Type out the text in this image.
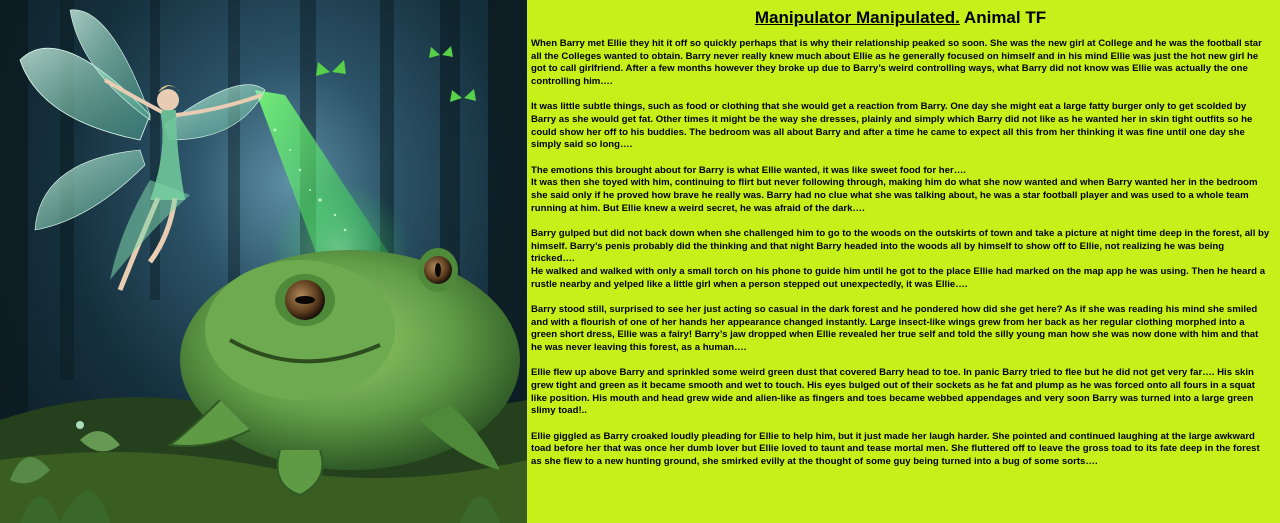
Manipulator Manipulated. Animal TF

When Barry met Ellie they hit it off so quickly perhaps that is why their relationship peaked so soon. She was the new girl at College and he was the football star all the Colleges wanted to obtain. Barry never really knew much about Ellie as he generally focused on himself and in his mind Ellie was just the hot new girl he got to call girlfriend. After a few months however they broke up due to Barry’s weird controlling ways, what Barry did not know was Ellie was actually the one controlling him….

It was little subtle things, such as food or clothing that she would get a reaction from Barry. One day she might eat a large fatty burger only to get scolded by Barry as she would get fat. Other times it might be the way she dresses, plainly and simply which Barry did not like as he wanted her in skin tight outfits so he could show her off to his buddies. The bedroom was all about Barry and after a time he came to expect all this from her thinking it was fine until one day she simply said so long….

The emotions this brought about for Barry is what Ellie wanted, it was like sweet food for her….

It was then she toyed with him, continuing to flirt but never following through, making him do what she now wanted and when Barry wanted her in the bedroom she said only if he proved how brave he really was. Barry had no clue what she was talking about, he was a star football player and was used to a whole team running at him. But Ellie knew a weird secret, he was afraid of the dark….

Barry gulped but did not back down when she challenged him to go to the woods on the outskirts of town and take a picture at night time deep in the forest, all by himself. Barry’s penis probably did the thinking and that night Barry headed into the woods all by himself to show off to Ellie, not realizing he was being tricked….

He walked and walked with only a small torch on his phone to guide him until he got to the place Ellie had marked on the map app he was using. Then he heard a rustle nearby and yelped like a little girl when a person stepped out unexpectedly, it was Ellie….

Barry stood still, surprised to see her just acting so casual in the dark forest and he pondered how did she get here? As if she was reading his mind she smiled and with a flourish of one of her hands her appearance changed instantly. Large insect-like wings grew from her back as her regular clothing morphed into a green short dress, Ellie was a fairy! Barry’s jaw dropped when Ellie revealed her true self and told the silly young man how she was now done with him and that he was never leaving this forest, as a human….

Ellie flew up above Barry and sprinkled some weird green dust that covered Barry head to toe. In panic Barry tried to flee but he did not get very far…. His skin grew tight and green as it became smooth and wet to touch. His eyes bulged out of their sockets as he fat and plump as he was forced onto all fours in a squat like position. His mouth and head grew wide and alien-like as fingers and toes became webbed appendages and very soon Barry was turned into a large green slimy toad!..

Ellie giggled as Barry croaked loudly pleading for Ellie to help him, but it just made her laugh harder. She pointed and continued laughing at the large awkward toad before her that was once her dumb lover but Ellie loved to taunt and tease mortal men. She fluttered off to leave the gross toad to its fate deep in the forest as she flew to a new hunting ground, she smirked evilly at the thought of some guy being turned into a bug of some sorts….
